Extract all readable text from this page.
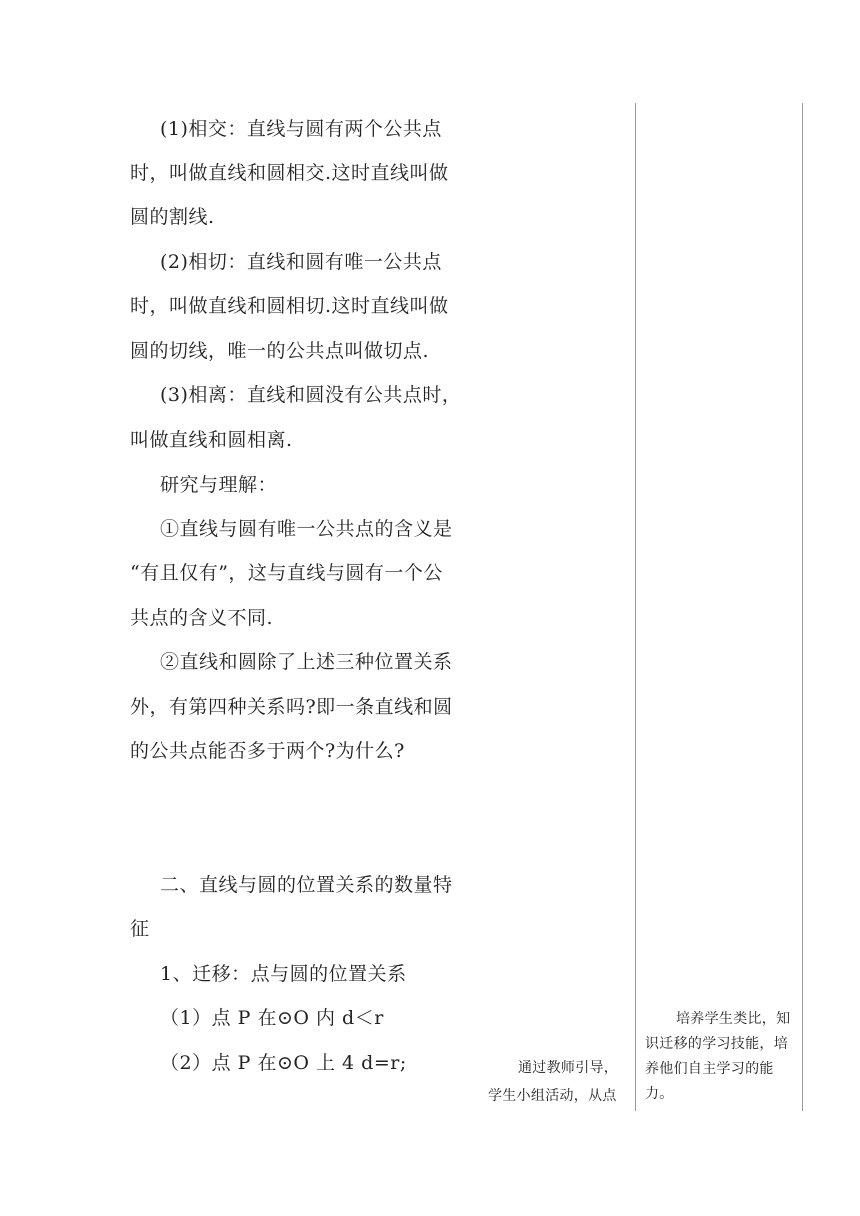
(1)相交：直线与圆有两个公共点
时，叫做直线和圆相交.这时直线叫做
圆的割线.
(2)相切：直线和圆有唯一公共点
时，叫做直线和圆相切.这时直线叫做
圆的切线，唯一的公共点叫做切点.
(3)相离：直线和圆没有公共点时，
叫做直线和圆相离.
研究与理解：
①直线与圆有唯一公共点的含义是
“有且仅有”，这与直线与圆有一个公
共点的含义不同.
②直线和圆除了上述三种位置关系
外，有第四种关系吗?即一条直线和圆
的公共点能否多于两个?为什么?
二、直线与圆的位置关系的数量特
征
1、迁移：点与圆的位置关系
（1）点 P 在⊙O 内 d＜r
（2）点 P 在⊙O 上 4 d=r;	通过教师引导，
学生小组活动，从点
培养学生类比，知
识迁移的学习技能，培
养他们自主学习的能
力。
